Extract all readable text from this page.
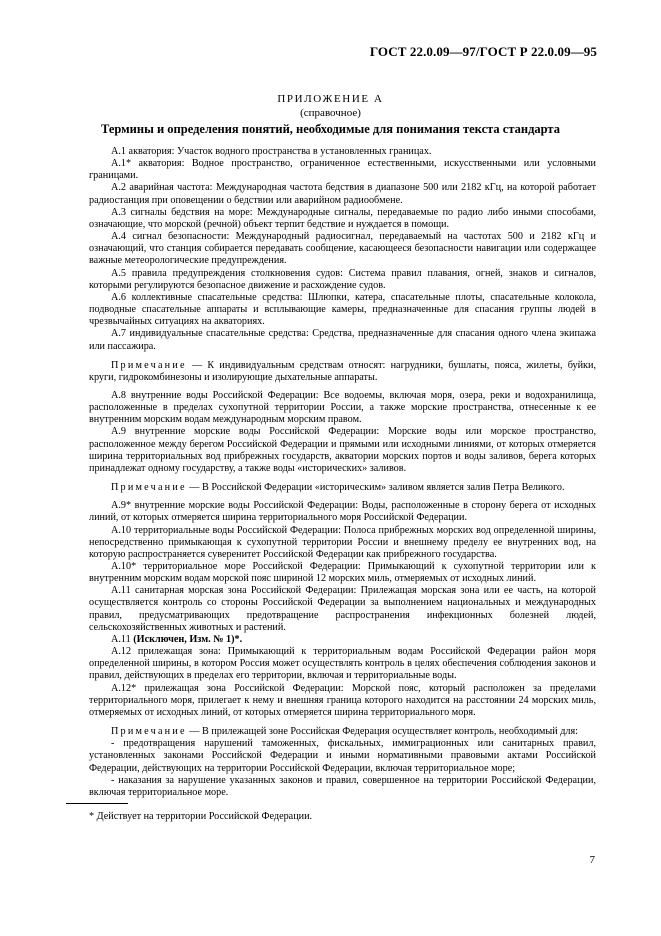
ГОСТ 22.0.09—97/ГОСТ Р 22.0.09—95
ПРИЛОЖЕНИЕ А
(справочное)
Термины и определения понятий, необходимые для понимания текста стандарта

А.1 акватория: Участок водного пространства в установленных границах.

А.1* акватория: Водное пространство, ограниченное естественными, искусственными или условными границами.

А.2 аварийная частота: Международная частота бедствия в диапазоне 500 или 2182 кГц, на которой работает радиостанция при оповещении о бедствии или аварийном радиообмене.

А.3 сигналы бедствия на море: Международные сигналы, передаваемые по радио либо иными способами, означающие, что морской (речной) объект терпит бедствие и нуждается в помощи.

А.4 сигнал безопасности: Международный радиосигнал, передаваемый на частотах 500 и 2182 кГц и означающий, что станция собирается передавать сообщение, касающееся безопасности навигации или содержащее важные метеорологические предупреждения.

А.5 правила предупреждения столкновения судов: Система правил плавания, огней, знаков и сигналов, которыми регулируются безопасное движение и расхождение судов.

А.6 коллективные спасательные средства: Шлюпки, катера, спасательные плоты, спасательные колокола, подводные спасательные аппараты и всплывающие камеры, предназначенные для спасания группы людей в чрезвычайных ситуациях на акваториях.

А.7 индивидуальные спасательные средства: Средства, предназначенные для спасания одного члена экипажа или пассажира.

Примечание — К индивидуальным средствам относят: нагрудники, бушлаты, пояса, жилеты, буйки, круги, гидрокомбинезоны и изолирующие дыхательные аппараты.

А.8 внутренние воды Российской Федерации: Все водоемы, включая моря, озера, реки и водохранилища, расположенные в пределах сухопутной территории России, а также морские пространства, отнесенные к ее внутренним морским водам международным морским правом.

А.9 внутренние морские воды Российской Федерации: Морские воды или морское пространство, расположенное между берегом Российской Федерации и прямыми или исходными линиями, от которых отмеряется ширина территориальных вод прибрежных государств, акватории морских портов и воды заливов, берега которых принадлежат одному государству, а также воды «исторических» заливов.

Примечание — В Российской Федерации «историческим» заливом является залив Петра Великого.

А.9* внутренние морские воды Российской Федерации: Воды, расположенные в сторону берега от исходных линий, от которых отмеряется ширина территориального моря Российской Федерации.

А.10 территориальные воды Российской Федерации: Полоса прибрежных морских вод определенной ширины, непосредственно примыкающая к сухопутной территории России и внешнему пределу ее внутренних вод, на которую распространяется суверенитет Российской Федерации как прибрежного государства.

А.10* территориальное море Российской Федерации: Примыкающий к сухопутной территории или к внутренним морским водам морской пояс шириной 12 морских миль, отмеряемых от исходных линий.

А.11 санитарная морская зона Российской Федерации: Прилежащая морская зона или ее часть, на которой осуществляется контроль со стороны Российской Федерации за выполнением национальных и международных правил, предусматривающих предотвращение распространения инфекционных болезней людей, сельскохозяйственных животных и растений.

А.11 (Исключен, Изм. № 1)*.

А.12 прилежащая зона: Примыкающий к территориальным водам Российской Федерации район моря определенной ширины, в котором Россия может осуществлять контроль в целях обеспечения соблюдения законов и правил, действующих в пределах его территории, включая и территориальные воды.

А.12* прилежащая зона Российской Федерации: Морской пояс, который расположен за пределами территориального моря, прилегает к нему и внешняя граница которого находится на расстоянии 24 морских миль, отмеряемых от исходных линий, от которых отмеряется ширина территориального моря.

Примечание — В прилежащей зоне Российская Федерация осуществляет контроль, необходимый для:

- предотвращения нарушений таможенных, фискальных, иммиграционных или санитарных правил, установленных законами Российской Федерации и иными нормативными правовыми актами Российской Федерации, действующих на территории Российской Федерации, включая территориальное море;

- наказания за нарушение указанных законов и правил, совершенное на территории Российской Федерации, включая территориальное море.

* Действует на территории Российской Федерации.
7
